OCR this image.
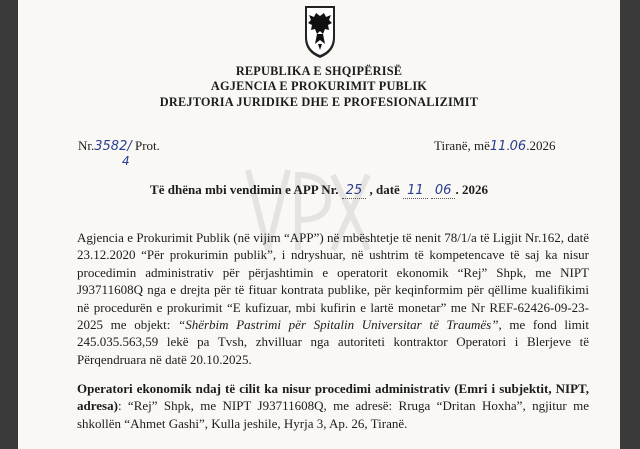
REPUBLIKA E SHQIPËRISË
AGJENCIA E PROKURIMIT PUBLIK
DREJTORIA JURIDIKE DHE E PROFESIONALIZIMIT
Nr.3582/ Prot.
4
Tiranë, më11.06.2026
Të dhëna mbi vendimin e APP Nr. 25 , datë 11 06 . 2026

Agjencia e Prokurimit Publik (në vijim “APP”) në mbështetje të nenit 78/1/a të Ligjit Nr.162, datë 23.12.2020 “Për prokurimin publik”, i ndryshuar, në ushtrim të kompetencave të saj ka nisur procedimin administrativ për përjashtimin e operatorit ekonomik “Rej” Shpk, me NIPT J93711608Q nga e drejta për të fituar kontrata publike, për keqinformim për qëllime kualifikimi në procedurën e prokurimit “E kufizuar, mbi kufirin e lartë monetar” me Nr REF-62426-09-23-2025 me objekt: “Shërbim Pastrimi për Spitalin Universitar të Traumës”, me fond limit 245.035.563,59 lekë pa Tvsh, zhvilluar nga autoriteti kontraktor Operatori i Blerjeve të Përqendruara në datë 20.10.2025.

Operatori ekonomik ndaj të cilit ka nisur procedimi administrativ (Emri i subjektit, NIPT, adresa): “Rej” Shpk, me NIPT J93711608Q, me adresë: Rruga “Dritan Hoxha”, ngjitur me shkollën “Ahmet Gashi”, Kulla jeshile, Hyrja 3, Ap. 26, Tiranë.
